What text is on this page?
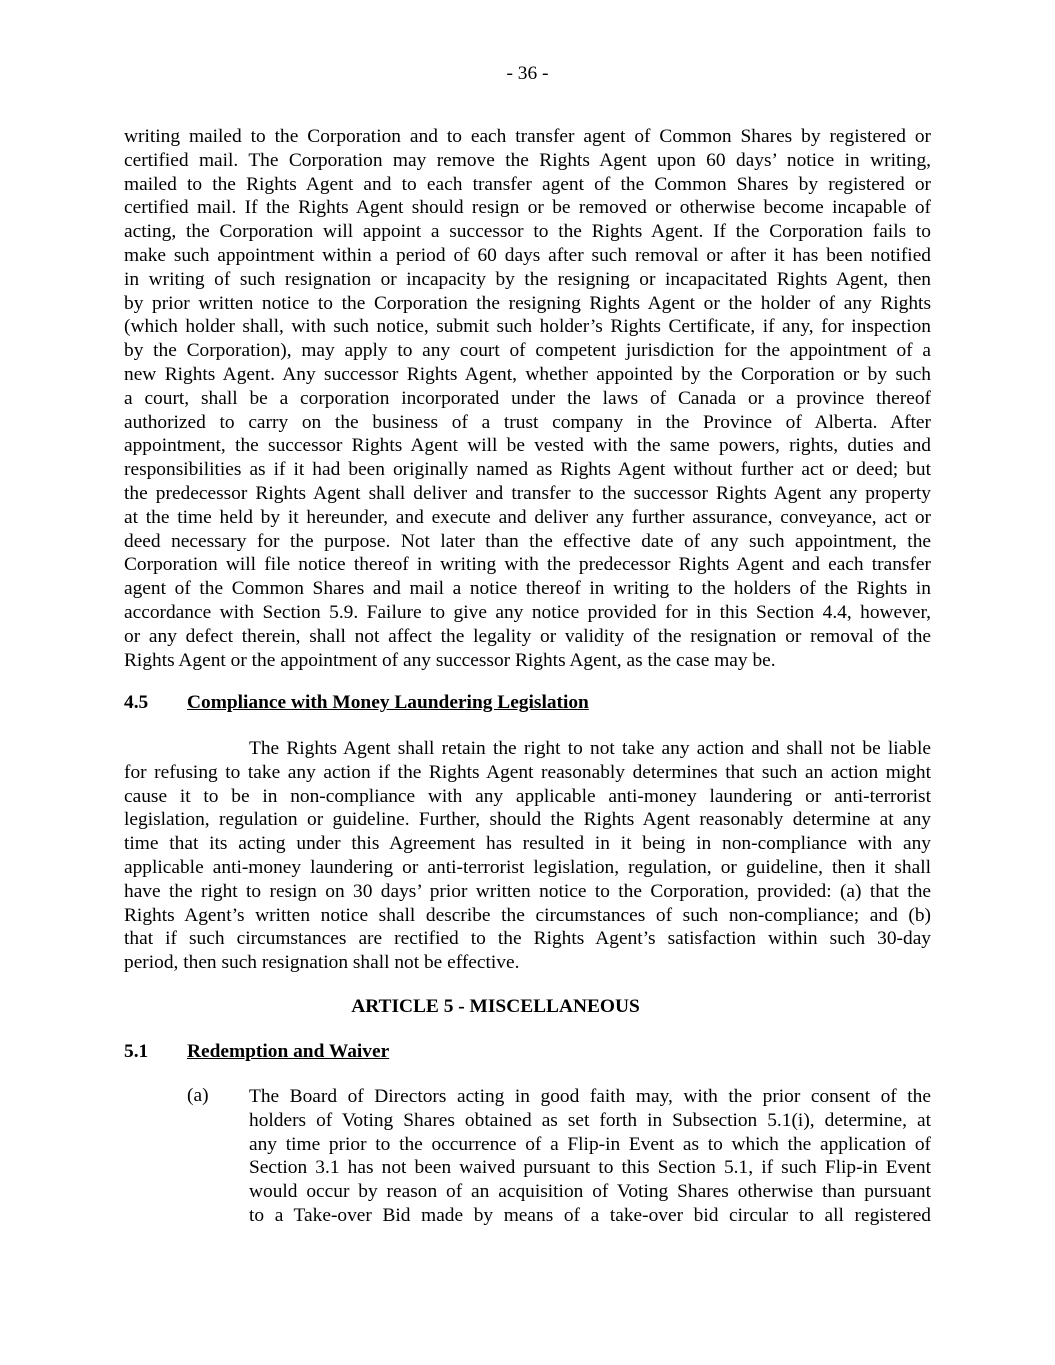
- 36 -
writing mailed to the Corporation and to each transfer agent of Common Shares by registered or
certified mail. The Corporation may remove the Rights Agent upon 60 days’ notice in writing,
mailed to the Rights Agent and to each transfer agent of the Common Shares by registered or
certified mail. If the Rights Agent should resign or be removed or otherwise become incapable of
acting, the Corporation will appoint a successor to the Rights Agent. If the Corporation fails to
make such appointment within a period of 60 days after such removal or after it has been notified
in writing of such resignation or incapacity by the resigning or incapacitated Rights Agent, then
by prior written notice to the Corporation the resigning Rights Agent or the holder of any Rights
(which holder shall, with such notice, submit such holder’s Rights Certificate, if any, for inspection
by the Corporation), may apply to any court of competent jurisdiction for the appointment of a
new Rights Agent. Any successor Rights Agent, whether appointed by the Corporation or by such
a court, shall be a corporation incorporated under the laws of Canada or a province thereof
authorized to carry on the business of a trust company in the Province of Alberta. After
appointment, the successor Rights Agent will be vested with the same powers, rights, duties and
responsibilities as if it had been originally named as Rights Agent without further act or deed; but
the predecessor Rights Agent shall deliver and transfer to the successor Rights Agent any property
at the time held by it hereunder, and execute and deliver any further assurance, conveyance, act or
deed necessary for the purpose. Not later than the effective date of any such appointment, the
Corporation will file notice thereof in writing with the predecessor Rights Agent and each transfer
agent of the Common Shares and mail a notice thereof in writing to the holders of the Rights in
accordance with Section 5.9. Failure to give any notice provided for in this Section 4.4, however,
or any defect therein, shall not affect the legality or validity of the resignation or removal of the
Rights Agent or the appointment of any successor Rights Agent, as the case may be.
4.5 Compliance with Money Laundering Legislation
The Rights Agent shall retain the right to not take any action and shall not be liable
for refusing to take any action if the Rights Agent reasonably determines that such an action might
cause it to be in non-compliance with any applicable anti-money laundering or anti-terrorist
legislation, regulation or guideline. Further, should the Rights Agent reasonably determine at any
time that its acting under this Agreement has resulted in it being in non-compliance with any
applicable anti-money laundering or anti-terrorist legislation, regulation, or guideline, then it shall
have the right to resign on 30 days’ prior written notice to the Corporation, provided: (a) that the
Rights Agent’s written notice shall describe the circumstances of such non-compliance; and (b)
that if such circumstances are rectified to the Rights Agent’s satisfaction within such 30-day
period, then such resignation shall not be effective.
ARTICLE 5 - MISCELLANEOUS
5.1 Redemption and Waiver
(a) The Board of Directors acting in good faith may, with the prior consent of the
holders of Voting Shares obtained as set forth in Subsection 5.1(i), determine, at
any time prior to the occurrence of a Flip-in Event as to which the application of
Section 3.1 has not been waived pursuant to this Section 5.1, if such Flip-in Event
would occur by reason of an acquisition of Voting Shares otherwise than pursuant
to a Take-over Bid made by means of a take-over bid circular to all registered
